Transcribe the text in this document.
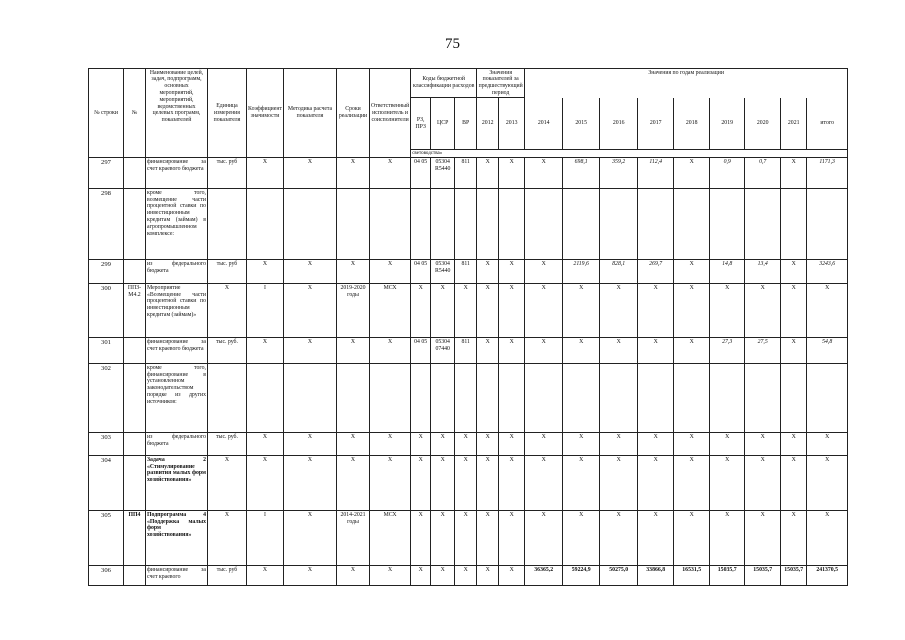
75
№ строки	№	Наименование целей, задач, подпрограмм, основных мероприятий, мероприятий, ведомственных целевых программ, показателей	Единица измерения показателя	Коэффициент значимости	Методика расчета показателя	Сроки реализации	Ответственный исполнитель и соисполнители	Коды бюджетной классификации расходов			Значения показателей за предшествующий период		Значения по годам реализации								
								РЗ, ПРЗ	ЦСР	ВР	2012	2013	2014	2015	2016	2017	2018	2019	2020	2021	итого
								световодства»													
297		финансирование за счет краевого бюджета	тыс. руб	X	X	X	X	04 05	05304 R5440	811	X	X	X	698,1	359,2	112,4	X	0,9	0,7	X	1171,3
298		кроме того, возмещение части процентной ставки по инвестиционным кредитам (займам) в агропромышленном комплексе:																			
299		из федерального бюджета	тыс. руб	X	X	X	X	04 05	05304 R5440	811	X	X	X	2119,6	828,1	269,7	X	14,8	13,4	X	3243,6
300	ППЗ-М4.2	Мероприятие «Возмещение части процентной ставки по инвестиционным кредитам (займам)»	X	I	X	2019-2020 годы	МСХ	X	X	X	X	X	X	X	X	X	X	X	X	X	X
301		финансирование за счет краевого бюджета	тыс. руб.	X	X	X	X	04 05	05304 07440	811	X	X	X	X	X	X	X	27,3	27,5	X	54,8
302		кроме того, финансирование в установленном законодательством порядке из других источников:																			
303		из федерального бюджета	тыс. руб.	X	X	X	X	X	X	X	X	X	X	X	X	X	X	X	X	X	X
304		Задача 2 «Стимулирование развития малых форм хозяйствования»	X	X	X	X	X	X	X	X	X	X	X	X	X	X	X	X	X	X	X
305	ПП4	Подпрограмма 4 «Поддержка малых форм хозяйствования»	X	I	X	2014-2021 годы	МСХ	X	X	X	X	X	X	X	X	X	X	X	X	X	X
306		финансирование за счет краевого	тыс. руб	X	X	X	X	X	X	X	X	X	36365,2	59224,9	50275,0	33866,8	16531,5	15035,7	15035,7	15035,7	241370,5
